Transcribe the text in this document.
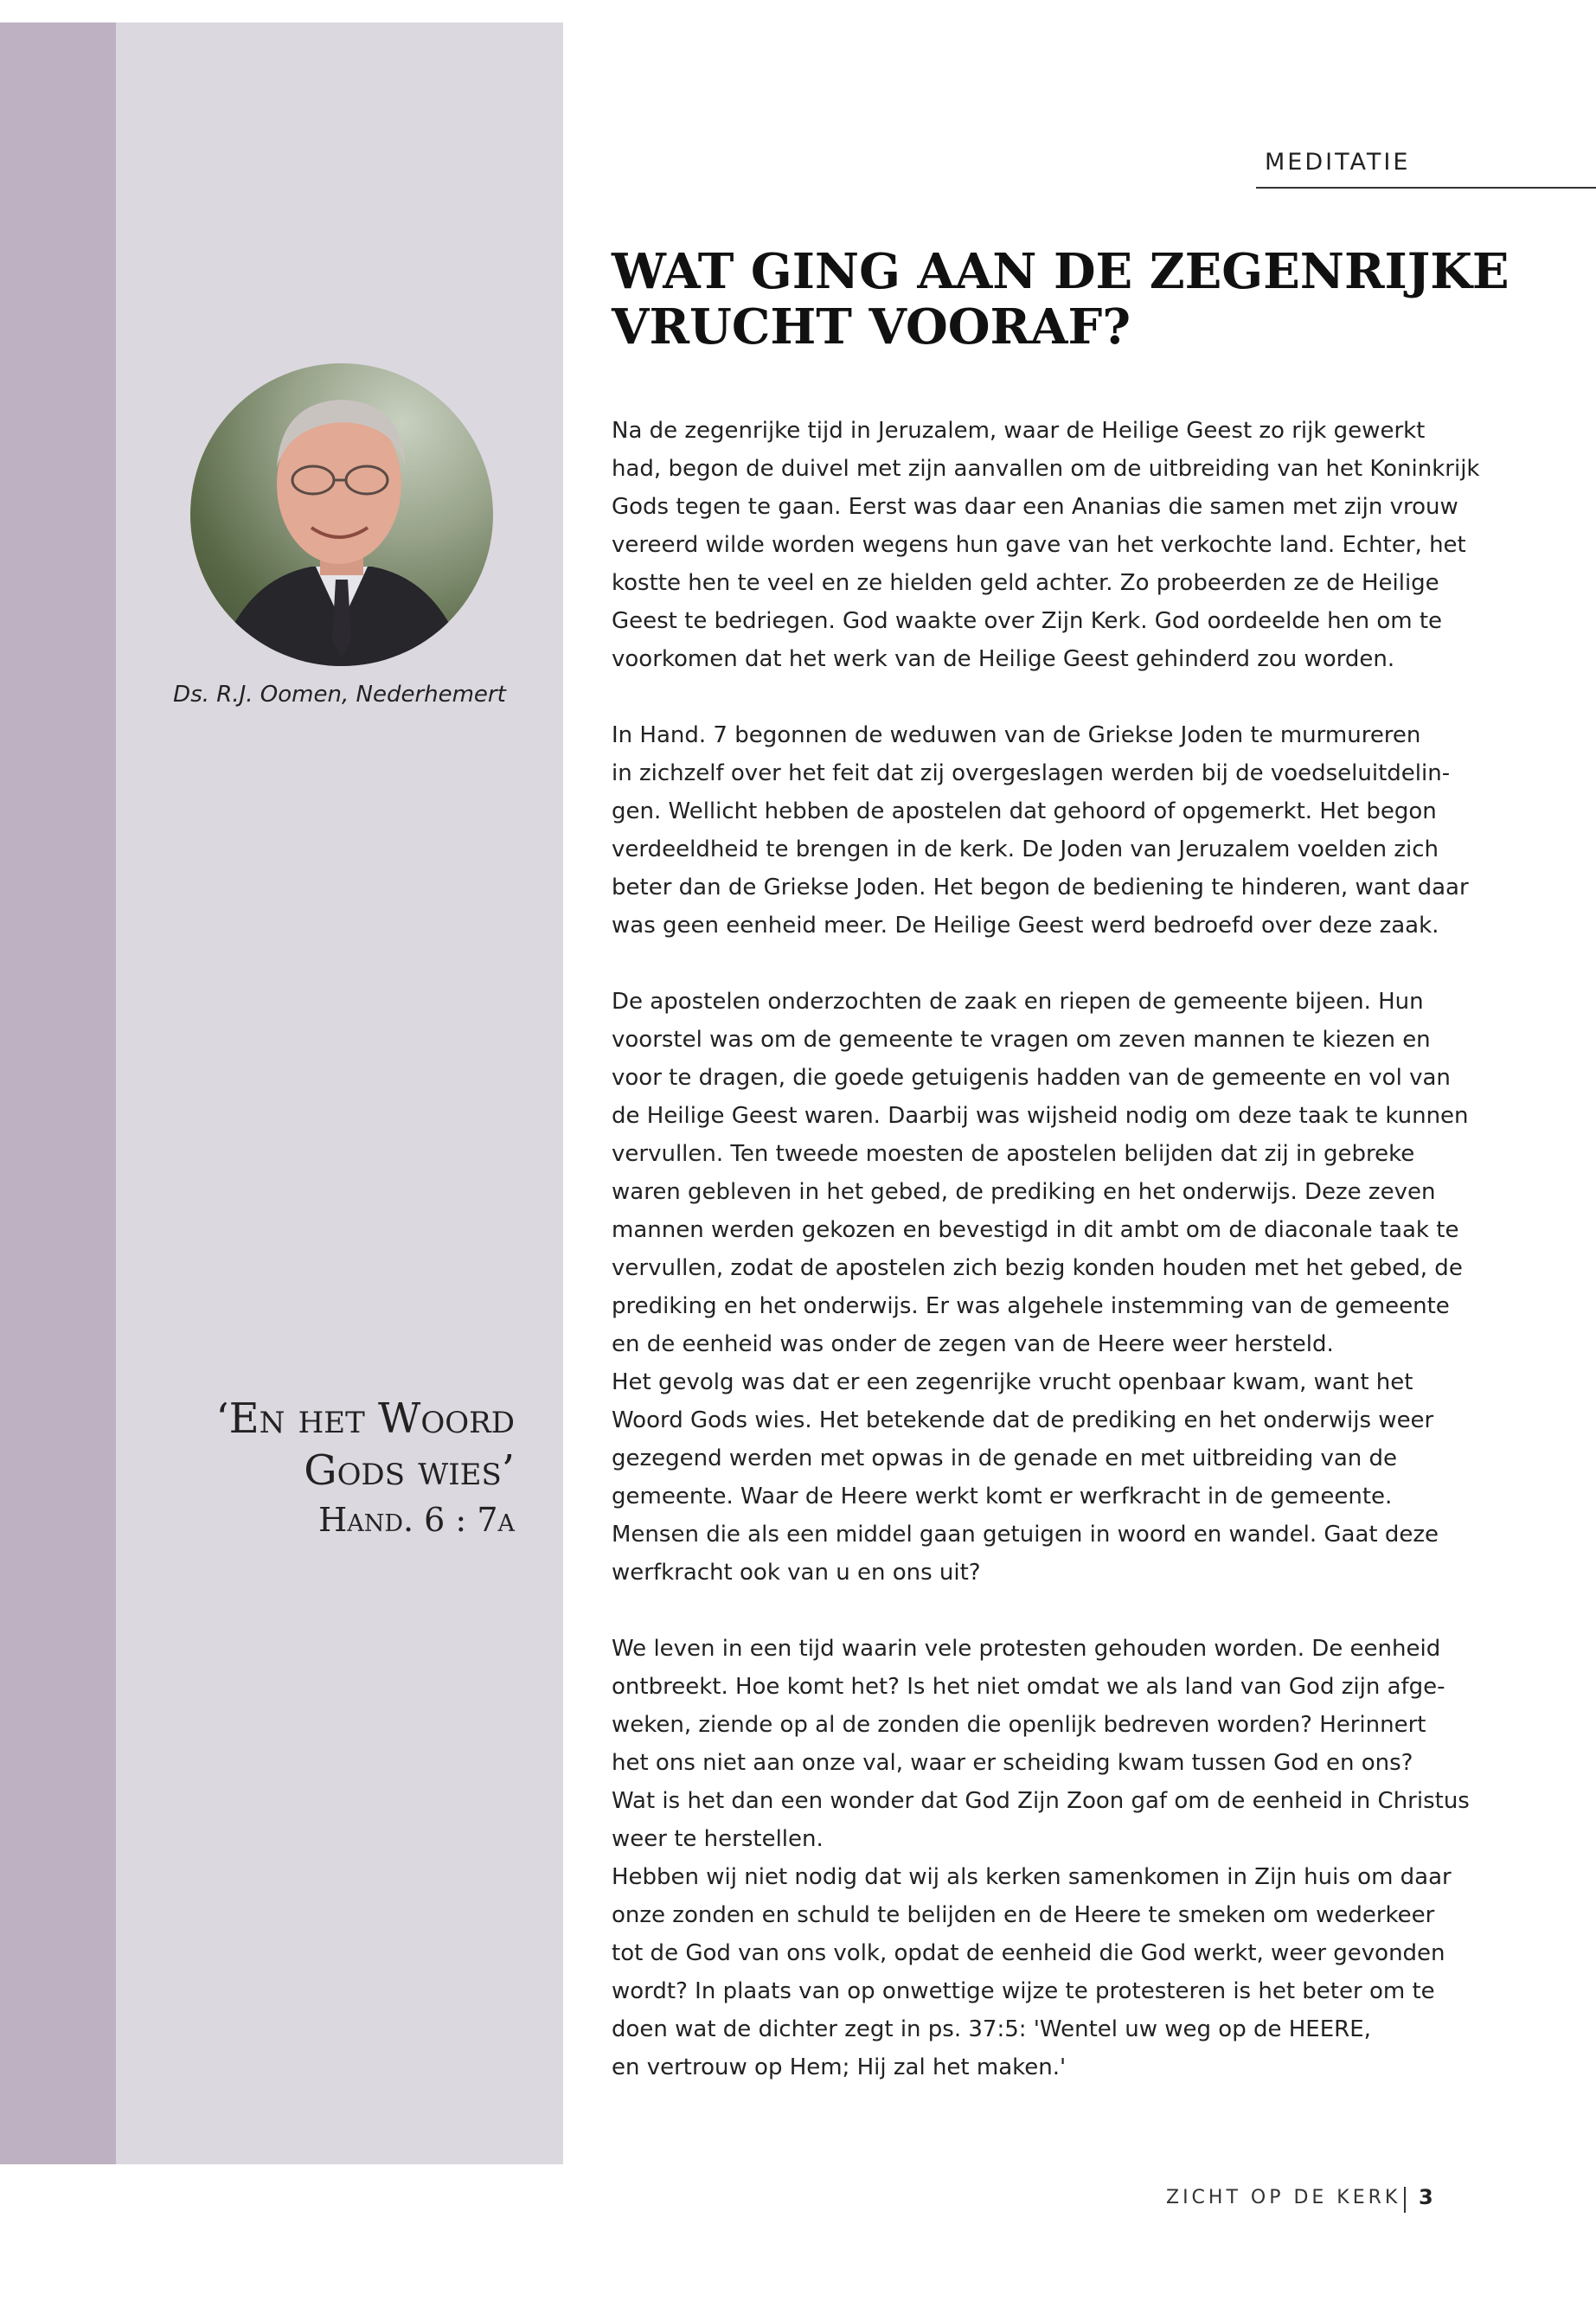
MEDITATIE
WAT GING AAN DE ZEGENRIJKE
VRUCHT VOORAF?
Ds. R.J. Oomen, Nederhemert
‘En het Woord
Gods wies’
Hand. 6 : 7a

Na de zegenrijke tijd in Jeruzalem, waar de Heilige Geest zo rijk gewerkt
had, begon de duivel met zijn aanvallen om de uitbreiding van het Koninkrijk
Gods tegen te gaan. Eerst was daar een Ananias die samen met zijn vrouw
vereerd wilde worden wegens hun gave van het verkochte land. Echter, het
kostte hen te veel en ze hielden geld achter. Zo probeerden ze de Heilige
Geest te bedriegen. God waakte over Zijn Kerk. God oordeelde hen om te
voorkomen dat het werk van de Heilige Geest gehinderd zou worden.

In Hand. 7 begonnen de weduwen van de Griekse Joden te murmureren
in zichzelf over het feit dat zij overgeslagen werden bij de voedseluitdelin-
gen. Wellicht hebben de apostelen dat gehoord of opgemerkt. Het begon
verdeeldheid te brengen in de kerk. De Joden van Jeruzalem voelden zich
beter dan de Griekse Joden. Het begon de bediening te hinderen, want daar
was geen eenheid meer. De Heilige Geest werd bedroefd over deze zaak.

De apostelen onderzochten de zaak en riepen de gemeente bijeen. Hun
voorstel was om de gemeente te vragen om zeven mannen te kiezen en
voor te dragen, die goede getuigenis hadden van de gemeente en vol van
de Heilige Geest waren. Daarbij was wijsheid nodig om deze taak te kunnen
vervullen. Ten tweede moesten de apostelen belijden dat zij in gebreke
waren gebleven in het gebed, de prediking en het onderwijs. Deze zeven
mannen werden gekozen en bevestigd in dit ambt om de diaconale taak te
vervullen, zodat de apostelen zich bezig konden houden met het gebed, de
prediking en het onderwijs. Er was algehele instemming van de gemeente
en de eenheid was onder de zegen van de Heere weer hersteld.
Het gevolg was dat er een zegenrijke vrucht openbaar kwam, want het
Woord Gods wies. Het betekende dat de prediking en het onderwijs weer
gezegend werden met opwas in de genade en met uitbreiding van de
gemeente. Waar de Heere werkt komt er werfkracht in de gemeente.
Mensen die als een middel gaan getuigen in woord en wandel. Gaat deze
werfkracht ook van u en ons uit?

We leven in een tijd waarin vele protesten gehouden worden. De eenheid
ontbreekt. Hoe komt het? Is het niet omdat we als land van God zijn afge-
weken, ziende op al de zonden die openlijk bedreven worden? Herinnert
het ons niet aan onze val, waar er scheiding kwam tussen God en ons?
Wat is het dan een wonder dat God Zijn Zoon gaf om de eenheid in Christus
weer te herstellen.
Hebben wij niet nodig dat wij als kerken samenkomen in Zijn huis om daar
onze zonden en schuld te belijden en de Heere te smeken om wederkeer
tot de God van ons volk, opdat de eenheid die God werkt, weer gevonden
wordt? In plaats van op onwettige wijze te protesteren is het beter om te
doen wat de dichter zegt in ps. 37:5: 'Wentel uw weg op de HEERE,
en vertrouw op Hem; Hij zal het maken.'

ZICHT OP DE KERK 3
